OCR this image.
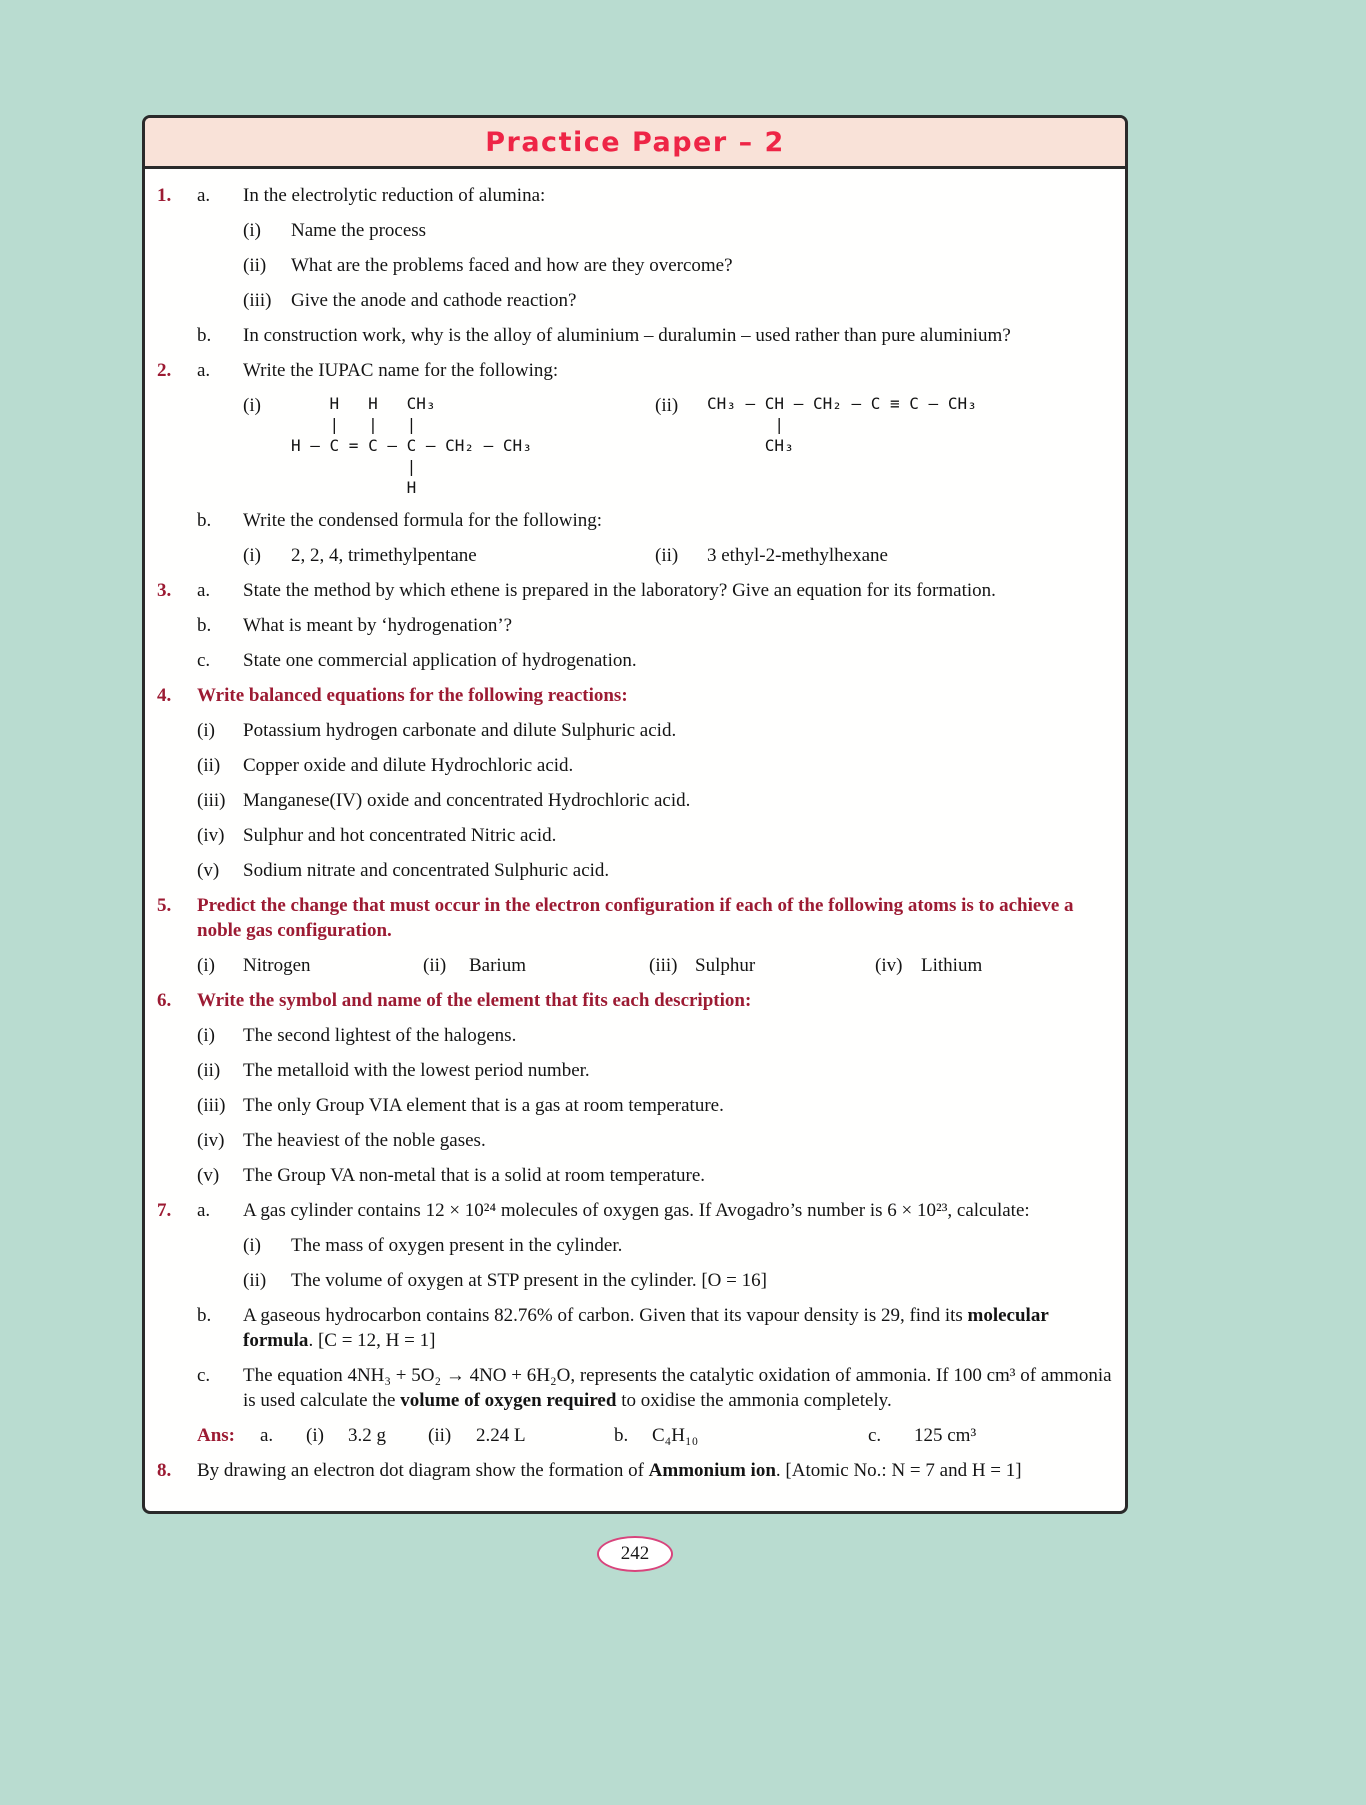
Practice Paper – 2
1.	a.	In the electrolytic reduction of alumina:
(i)	Name the process
(ii)	What are the problems faced and how are they overcome?
(iii)	Give the anode and cathode reaction?
b.	In construction work, why is the alloy of aluminium – duralumin – used rather than pure aluminium?
2.	a.	Write the IUPAC name for the following:
(i)	H   H   CH₃
|   |   |
H — C = C — C — CH₂ — CH₃
|
H
(ii)	CH₃ — CH — CH₂ — C ≡ C — CH₃
|
CH₃
b.	Write the condensed formula for the following:
(i)	2, 2, 4, trimethylpentane	(ii)	3 ethyl-2-methylhexane
3.	a.	State the method by which ethene is prepared in the laboratory? Give an equation for its formation.
b.	What is meant by ‘hydrogenation’?
c.	State one commercial application of hydrogenation.
4.	Write balanced equations for the following reactions:
(i)	Potassium hydrogen carbonate and dilute Sulphuric acid.
(ii)	Copper oxide and dilute Hydrochloric acid.
(iii) Manganese(IV) oxide and concentrated Hydrochloric acid.
(iv) Sulphur and hot concentrated Nitric acid.
(v)	Sodium nitrate and concentrated Sulphuric acid.
5.	Predict the change that must occur in the electron configuration if each of the following atoms is to achieve a noble gas configuration.
(i)	Nitrogen	(ii)	Barium	(iii) Sulphur	(iv) Lithium
6.	Write the symbol and name of the element that fits each description:
(i)	The second lightest of the halogens.
(ii)	The metalloid with the lowest period number.
(iii) The only Group VIA element that is a gas at room temperature.
(iv) The heaviest of the noble gases.
(v)	The Group VA non-metal that is a solid at room temperature.
7.	a.	A gas cylinder contains 12 × 10²⁴ molecules of oxygen gas. If Avogadro’s number is 6 × 10²³, calculate:
(i)	The mass of oxygen present in the cylinder.
(ii)	The volume of oxygen at STP present in the cylinder. [O = 16]
b.	A gaseous hydrocarbon contains 82.76% of carbon. Given that its vapour density is 29, find its molecular formula. [C = 12, H = 1]
c.	The equation 4NH₃ + 5O₂ → 4NO + 6H₂O, represents the catalytic oxidation of ammonia. If 100 cm³ of ammonia is used calculate the volume of oxygen required to oxidise the ammonia completely.
Ans:	a.	(i)	3.2 g	(ii)	2.24 L	b.	C₄H₁₀	c.	125 cm³
8.	By drawing an electron dot diagram show the formation of Ammonium ion. [Atomic No.: N = 7 and H = 1]
242
